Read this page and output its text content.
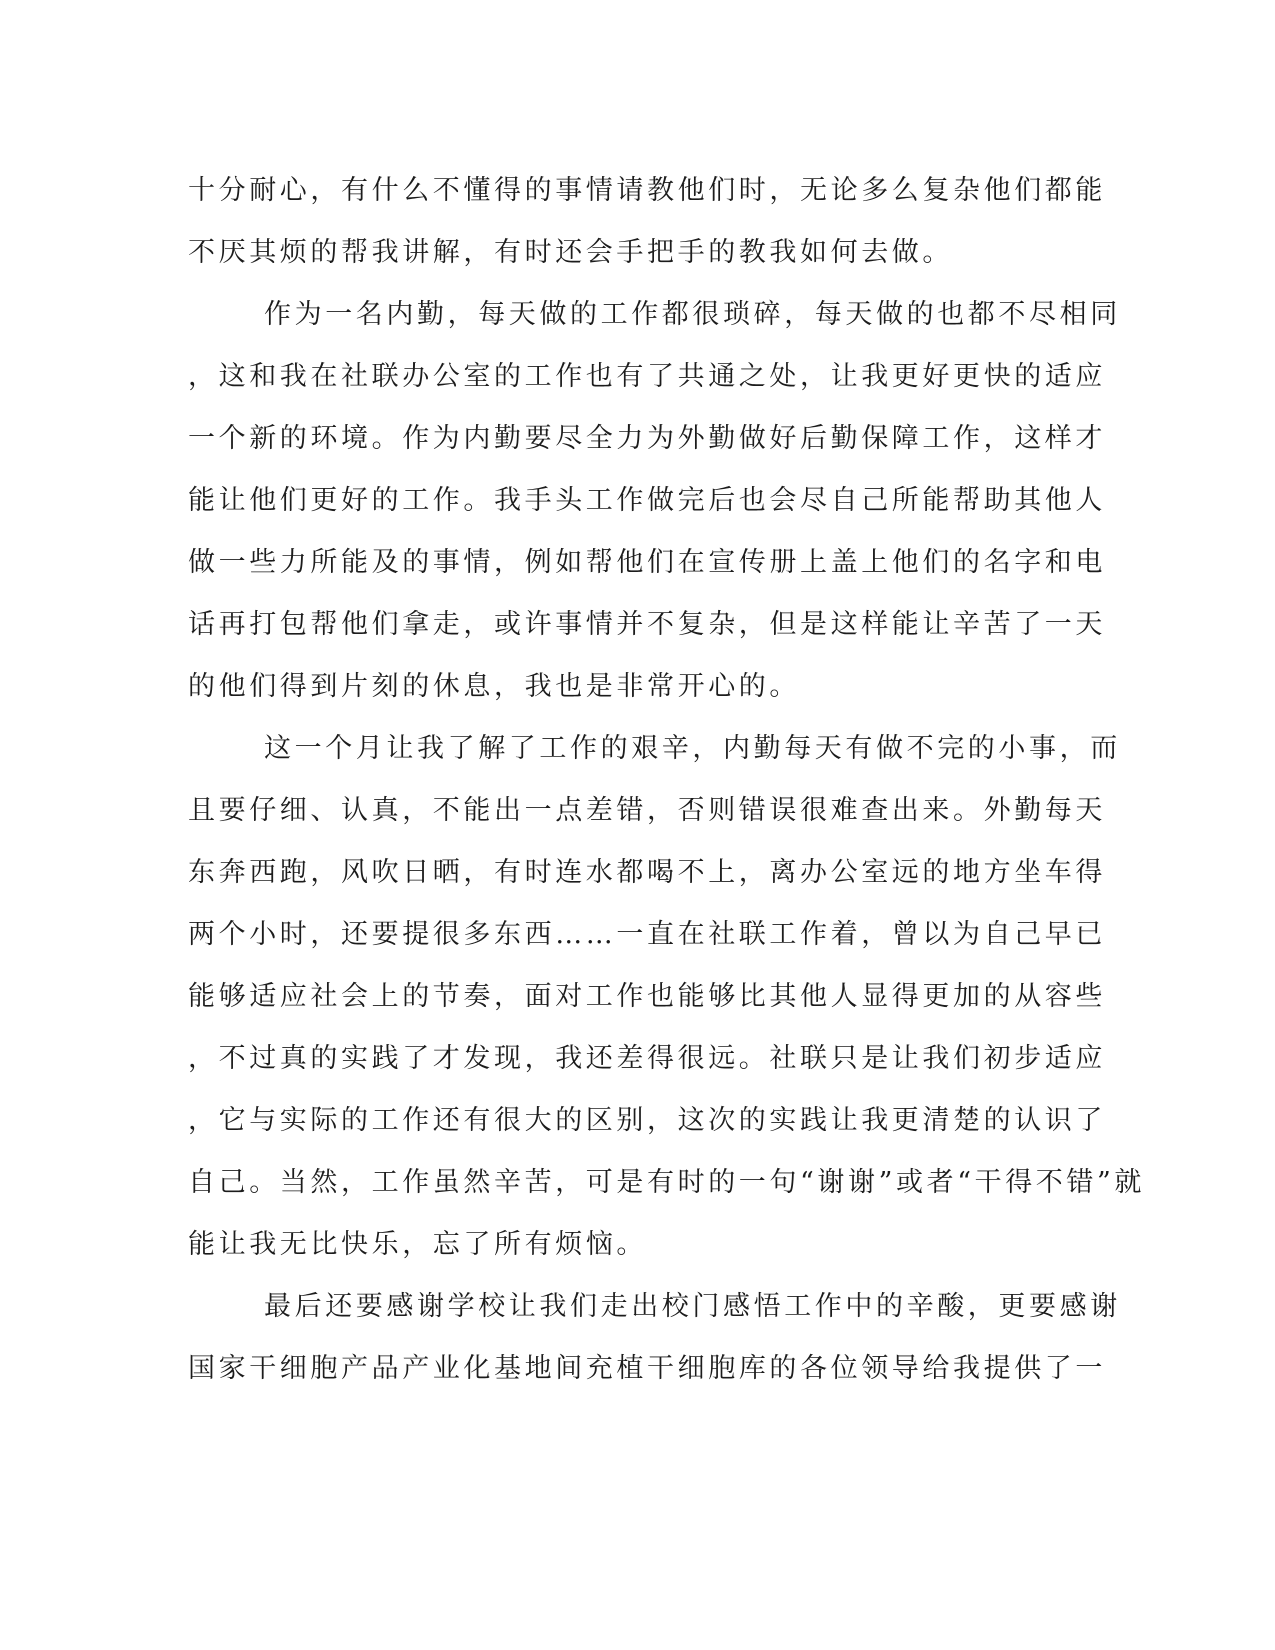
十分耐心，有什么不懂得的事情请教他们时，无论多么复杂他们都能
不厌其烦的帮我讲解，有时还会手把手的教我如何去做。
作为一名内勤，每天做的工作都很琐碎，每天做的也都不尽相同
，这和我在社联办公室的工作也有了共通之处，让我更好更快的适应
一个新的环境。作为内勤要尽全力为外勤做好后勤保障工作，这样才
能让他们更好的工作。我手头工作做完后也会尽自己所能帮助其他人
做一些力所能及的事情，例如帮他们在宣传册上盖上他们的名字和电
话再打包帮他们拿走，或许事情并不复杂，但是这样能让辛苦了一天
的他们得到片刻的休息，我也是非常开心的。
这一个月让我了解了工作的艰辛，内勤每天有做不完的小事，而
且要仔细、认真，不能出一点差错，否则错误很难查出来。外勤每天
东奔西跑，风吹日晒，有时连水都喝不上，离办公室远的地方坐车得
两个小时，还要提很多东西……一直在社联工作着，曾以为自己早已
能够适应社会上的节奏，面对工作也能够比其他人显得更加的从容些
，不过真的实践了才发现，我还差得很远。社联只是让我们初步适应
，它与实际的工作还有很大的区别，这次的实践让我更清楚的认识了
自己。当然，工作虽然辛苦，可是有时的一句“谢谢”或者“干得不错”就
能让我无比快乐，忘了所有烦恼。
最后还要感谢学校让我们走出校门感悟工作中的辛酸，更要感谢
国家干细胞产品产业化基地间充植干细胞库的各位领导给我提供了一
